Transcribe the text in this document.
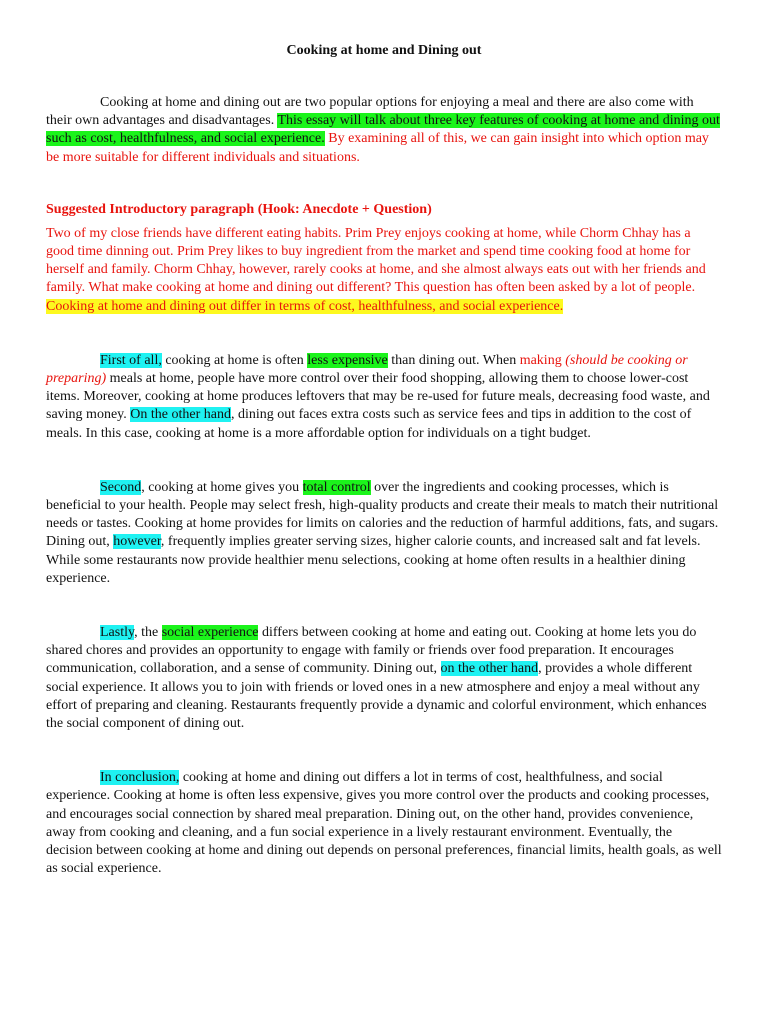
Cooking at home and Dining out

Cooking at home and dining out are two popular options for enjoying a meal and there are also come with their own advantages and disadvantages. This essay will talk about three key features of cooking at home and dining out such as cost, healthfulness, and social experience. By examining all of this, we can gain insight into which option may be more suitable for different individuals and situations.

Suggested Introductory paragraph (Hook: Anecdote + Question)

Two of my close friends have different eating habits. Prim Prey enjoys cooking at home, while Chorm Chhay has a good time dinning out. Prim Prey likes to buy ingredient from the market and spend time cooking food at home for herself and family. Chorm Chhay, however, rarely cooks at home, and she almost always eats out with her friends and family. What make cooking at home and dining out different? This question has often been asked by a lot of people. Cooking at home and dining out differ in terms of cost, healthfulness, and social experience.

First of all, cooking at home is often less expensive than dining out. When making (should be cooking or preparing) meals at home, people have more control over their food shopping, allowing them to choose lower-cost items. Moreover, cooking at home produces leftovers that may be re-used for future meals, decreasing food waste, and saving money. On the other hand, dining out faces extra costs such as service fees and tips in addition to the cost of meals. In this case, cooking at home is a more affordable option for individuals on a tight budget.

Second, cooking at home gives you total control over the ingredients and cooking processes, which is beneficial to your health. People may select fresh, high-quality products and create their meals to match their nutritional needs or tastes. Cooking at home provides for limits on calories and the reduction of harmful additions, fats, and sugars. Dining out, however, frequently implies greater serving sizes, higher calorie counts, and increased salt and fat levels. While some restaurants now provide healthier menu selections, cooking at home often results in a healthier dining experience.

Lastly, the social experience differs between cooking at home and eating out. Cooking at home lets you do shared chores and provides an opportunity to engage with family or friends over food preparation. It encourages communication, collaboration, and a sense of community. Dining out, on the other hand, provides a whole different social experience. It allows you to join with friends or loved ones in a new atmosphere and enjoy a meal without any effort of preparing and cleaning. Restaurants frequently provide a dynamic and colorful environment, which enhances the social component of dining out.

In conclusion, cooking at home and dining out differs a lot in terms of cost, healthfulness, and social experience. Cooking at home is often less expensive, gives you more control over the products and cooking processes, and encourages social connection by shared meal preparation. Dining out, on the other hand, provides convenience, away from cooking and cleaning, and a fun social experience in a lively restaurant environment. Eventually, the decision between cooking at home and dining out depends on personal preferences, financial limits, health goals, as well as social experience.
